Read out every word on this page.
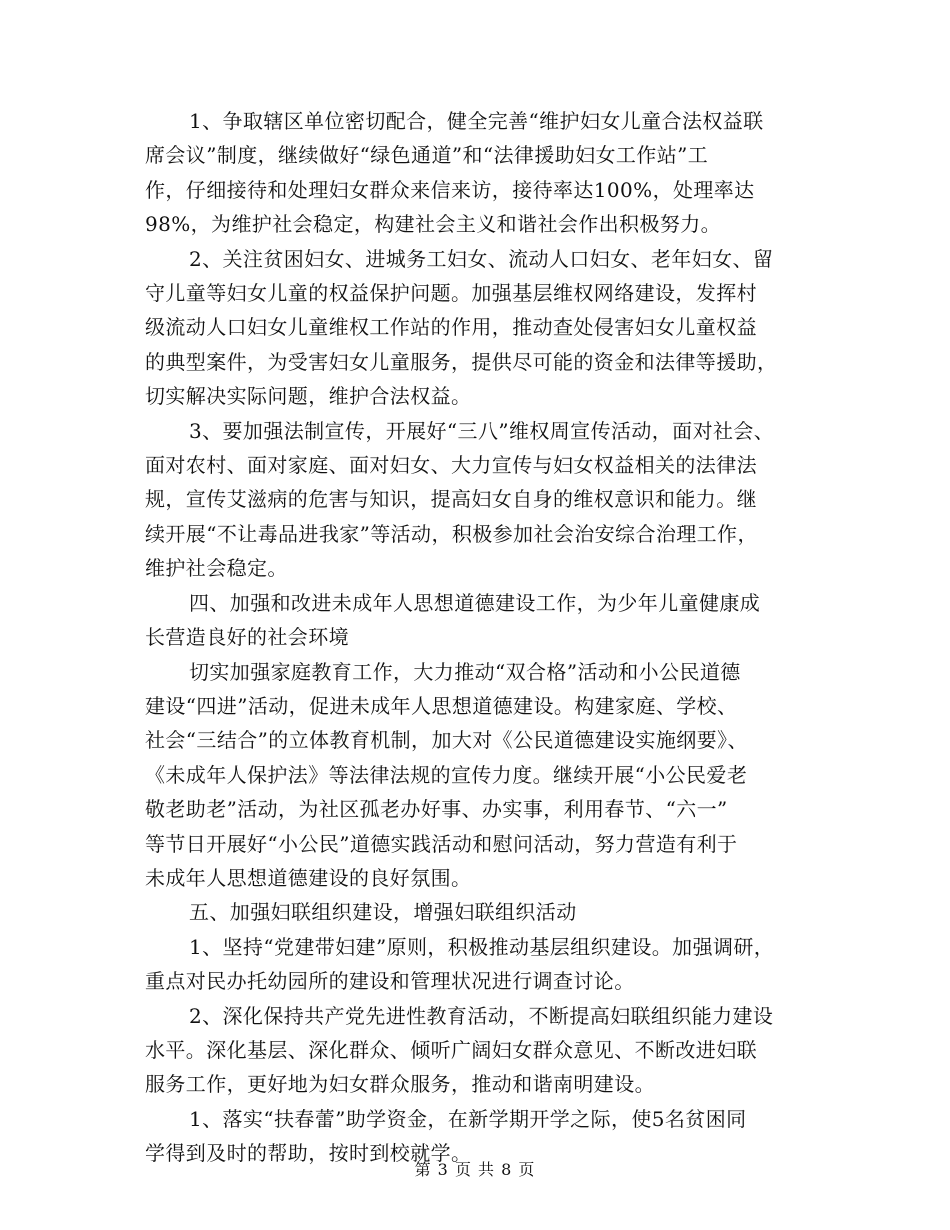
1、争取辖区单位密切配合，健全完善“维护妇女儿童合法权益联
席会议”制度，继续做好“绿色通道”和“法律援助妇女工作站”工
作，仔细接待和处理妇女群众来信来访，接待率达100%，处理率达
98%，为维护社会稳定，构建社会主义和谐社会作出积极努力。

2、关注贫困妇女、进城务工妇女、流动人口妇女、老年妇女、留
守儿童等妇女儿童的权益保护问题。加强基层维权网络建设，发挥村
级流动人口妇女儿童维权工作站的作用，推动查处侵害妇女儿童权益
的典型案件，为受害妇女儿童服务，提供尽可能的资金和法律等援助，
切实解决实际问题，维护合法权益。

3、要加强法制宣传，开展好“三八”维权周宣传活动，面对社会、
面对农村、面对家庭、面对妇女、大力宣传与妇女权益相关的法律法
规，宣传艾滋病的危害与知识，提高妇女自身的维权意识和能力。继
续开展“不让毒品进我家”等活动，积极参加社会治安综合治理工作，
维护社会稳定。

四、加强和改进未成年人思想道德建设工作，为少年儿童健康成
长营造良好的社会环境

切实加强家庭教育工作，大力推动“双合格”活动和小公民道德
建设“四进”活动，促进未成年人思想道德建设。构建家庭、学校、
社会“三结合”的立体教育机制，加大对《公民道德建设实施纲要》、
《未成年人保护法》等法律法规的宣传力度。继续开展“小公民爱老
敬老助老”活动，为社区孤老办好事、办实事，利用春节、“六一”
等节日开展好“小公民”道德实践活动和慰问活动，努力营造有利于
未成年人思想道德建设的良好氛围。

五、加强妇联组织建设，增强妇联组织活动

1、坚持“党建带妇建”原则，积极推动基层组织建设。加强调研，
重点对民办托幼园所的建设和管理状况进行调查讨论。

2、深化保持共产党先进性教育活动，不断提高妇联组织能力建设
水平。深化基层、深化群众、倾听广阔妇女群众意见、不断改进妇联
服务工作，更好地为妇女群众服务，推动和谐南明建设。

1、落实“扶春蕾”助学资金，在新学期开学之际，使5名贫困同
学得到及时的帮助，按时到校就学。

第 3 页 共 8 页
